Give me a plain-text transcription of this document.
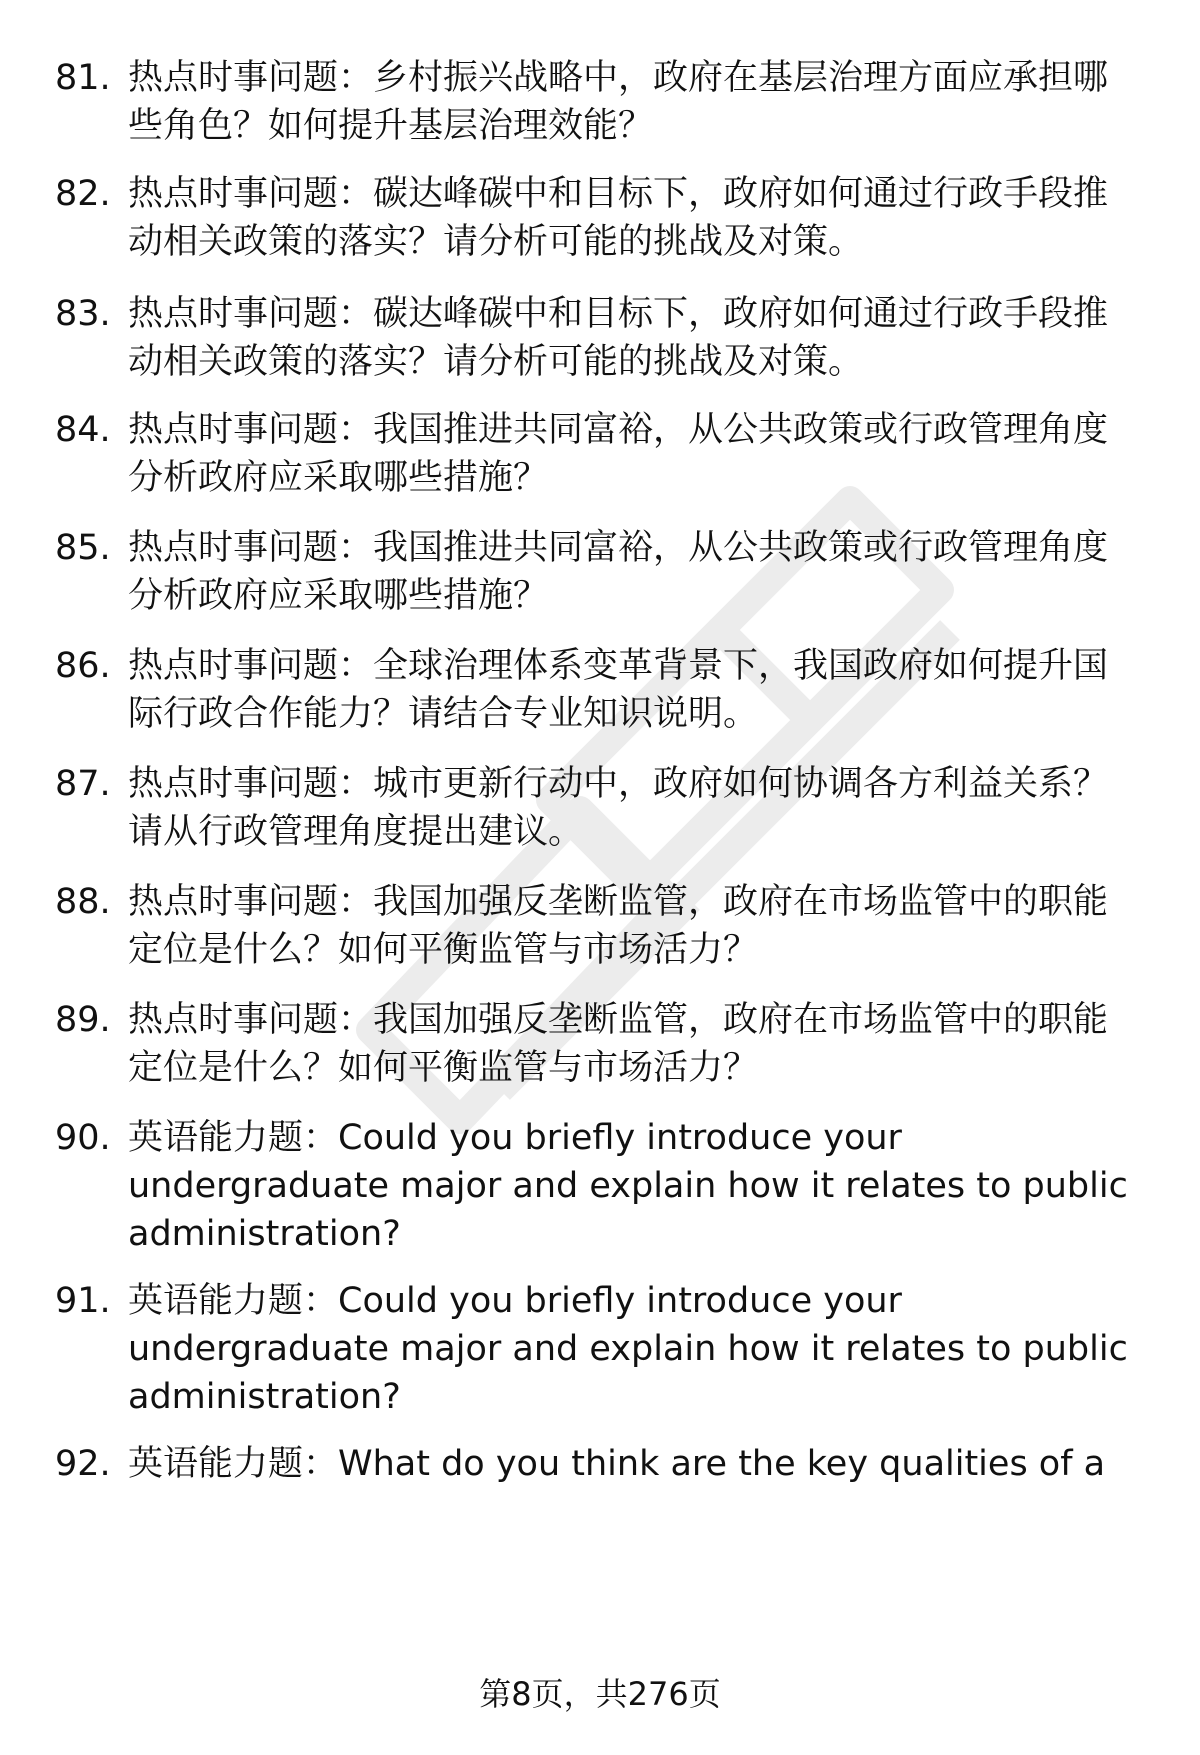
81. 热点时事问题：乡村振兴战略中，政府在基层治理方面应承担哪
些角色？如何提升基层治理效能？
82. 热点时事问题：碳达峰碳中和目标下，政府如何通过行政手段推
动相关政策的落实？请分析可能的挑战及对策。
83. 热点时事问题：碳达峰碳中和目标下，政府如何通过行政手段推
动相关政策的落实？请分析可能的挑战及对策。
84. 热点时事问题：我国推进共同富裕，从公共政策或行政管理角度
分析政府应采取哪些措施？
85. 热点时事问题：我国推进共同富裕，从公共政策或行政管理角度
分析政府应采取哪些措施？
86. 热点时事问题：全球治理体系变革背景下，我国政府如何提升国
际行政合作能力？请结合专业知识说明。
87. 热点时事问题：城市更新行动中，政府如何协调各方利益关系？
请从行政管理角度提出建议。
88. 热点时事问题：我国加强反垄断监管，政府在市场监管中的职能
定位是什么？如何平衡监管与市场活力？
89. 热点时事问题：我国加强反垄断监管，政府在市场监管中的职能
定位是什么？如何平衡监管与市场活力？
90. 英语能力题：Could you briefly introduce your
undergraduate major and explain how it relates to public
administration?
91. 英语能力题：Could you briefly introduce your
undergraduate major and explain how it relates to public
administration?
92. 英语能力题：What do you think are the key qualities of a
第8页，共276页
